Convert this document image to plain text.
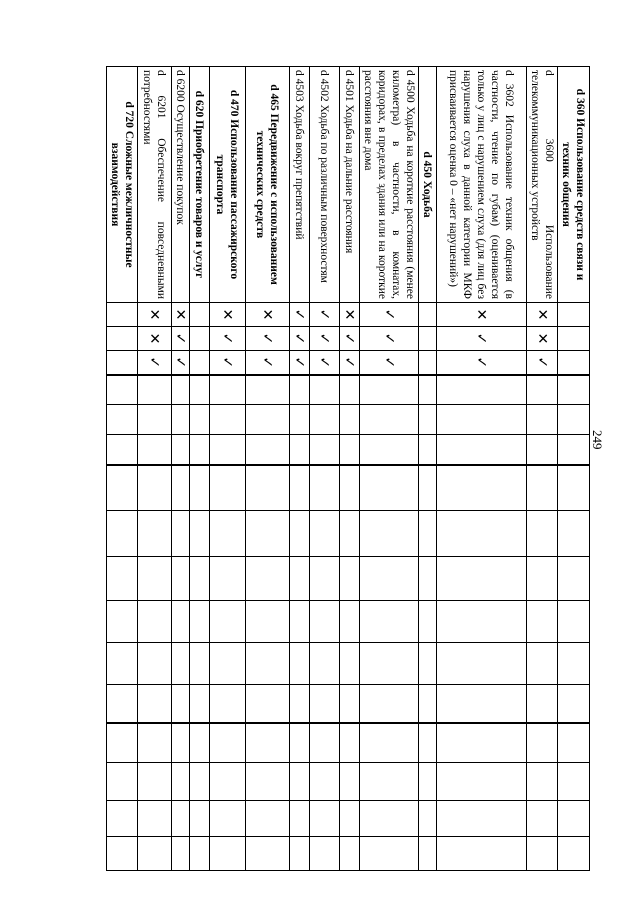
249
d 360 Использование средств связи и техник общения																
d 3600 Использование телекоммуникационных устройств	✕	✕	✓													
d 3602 Использование техник общения (в частности, чтение по губам) (оценивается только у лиц с нарушением слуха (для лиц без нарушения слуха в данной категории МКФ присваивается оценка 0 – «нет нарушений»)	✕	✓	✓													
d 450 Ходьба																
d 4500 Ходьба на короткие расстояния (менее километра) в частности, в комнатах, коридорах, в пределах здания или на короткие расстояния вне дома	✓	✓	✓													
d 4501 Ходьба на дальние расстояния	✕	✓	✓													
d 4502 Ходьба по различным поверхностям	✓	✓	✓													
d 4503 Ходьба вокруг препятствий	✓	✓	✓													
d 465 Передвижение с использованием технических средств	✕	✓	✓													
d 470 Использование пассажирского транспорта	✕	✓	✓													
d 620 Приобретение товаров и услуг																
d 6200 Осуществление покупок	✕	✓	✓													
d 6201 Обеспечение повседневными потребностями	✕	✕	✓													
d 720 Сложные межличностные взаимодействия																
